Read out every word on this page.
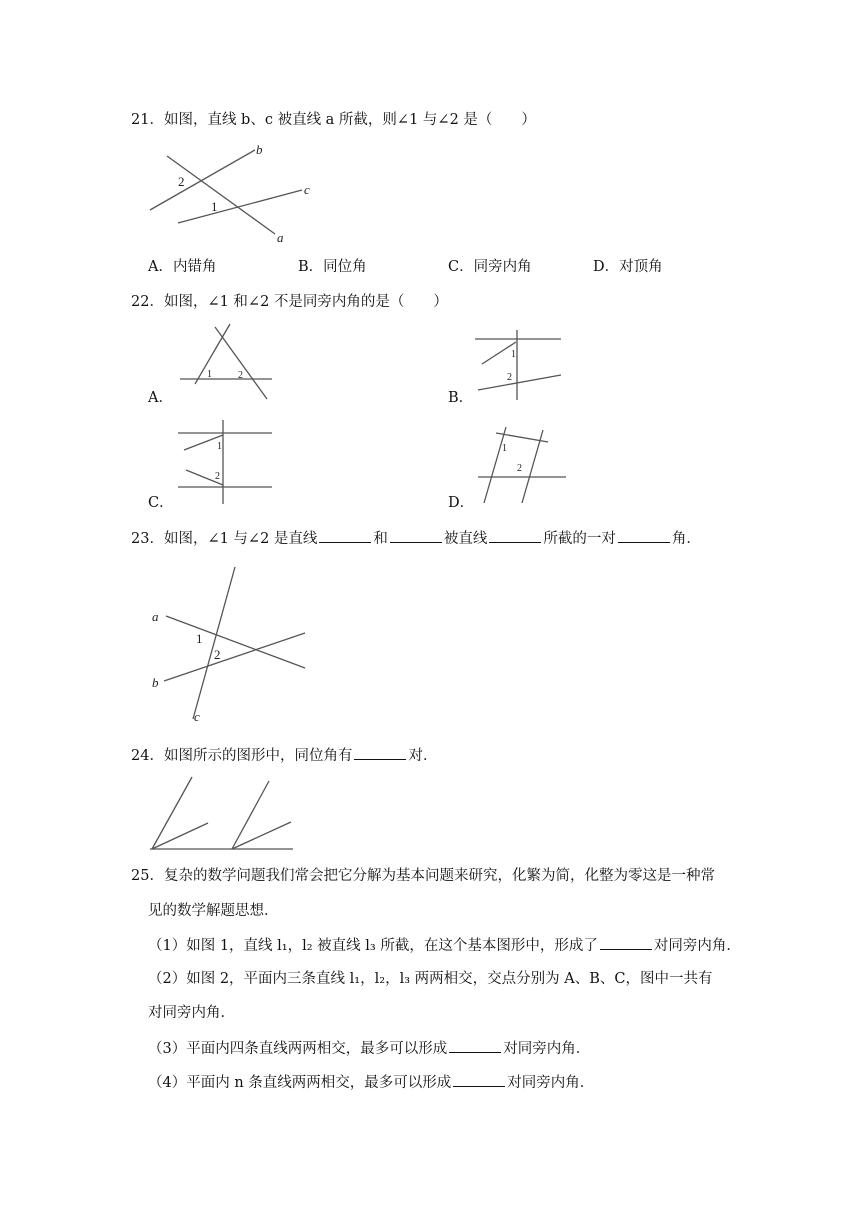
21．如图，直线 b、c 被直线 a 所截，则∠1 与∠2 是（　　）
b
c
a
2
1
A．内错角	B．同位角	C．同旁内角	D．对顶角
22．如图，∠1 和∠2 不是同旁内角的是（　　）
A．
1	2
B．
1
2
C．
1
2
D．
1
2
23．如图，∠1 与∠2 是直线	和	被直线	所截的一对	角．
a
b
c
1
2
24．如图所示的图形中，同位角有	对．
25．复杂的数学问题我们常会把它分解为基本问题来研究，化繁为简，化整为零这是一种常
见的数学解题思想．
（1）如图 1，直线 l₁，l₂ 被直线 l₃ 所截，在这个基本图形中，形成了	对同旁内角．
（2）如图 2，平面内三条直线 l₁，l₂，l₃ 两两相交，交点分别为 A、B、C，图中一共有
对同旁内角．
（3）平面内四条直线两两相交，最多可以形成	对同旁内角．
（4）平面内 n 条直线两两相交，最多可以形成	对同旁内角．
